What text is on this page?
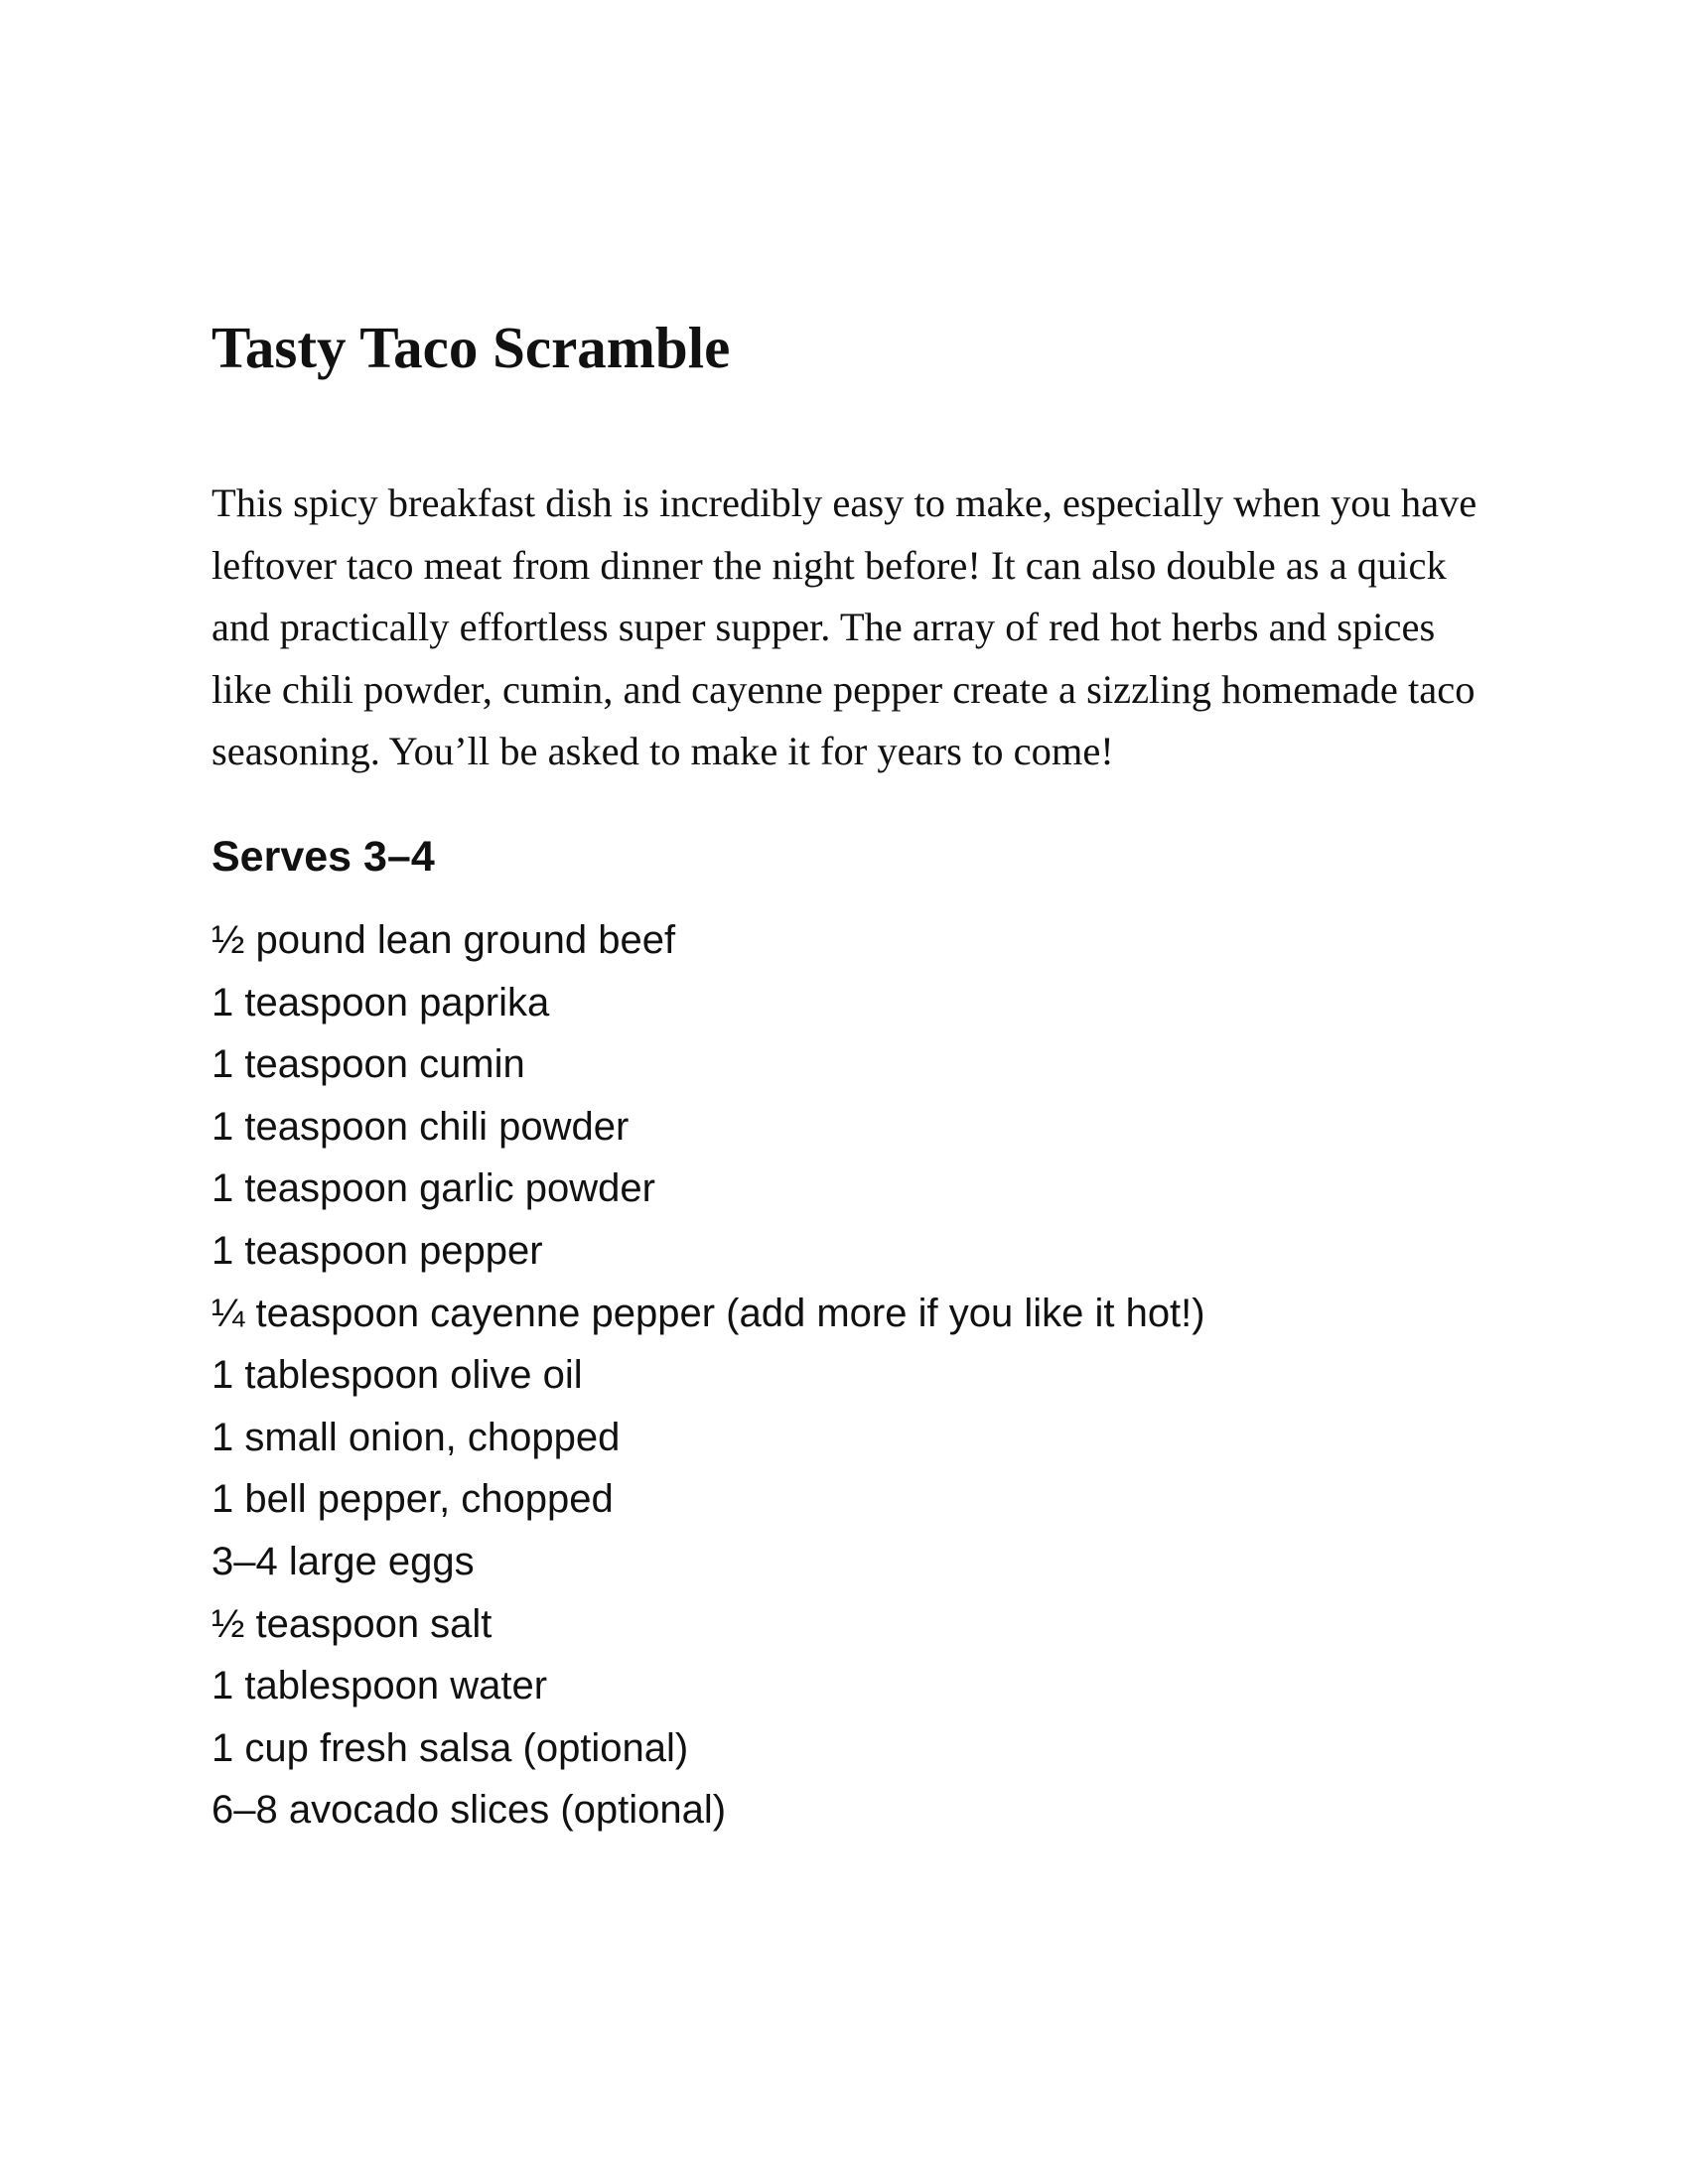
Tasty Taco Scramble

This spicy breakfast dish is incredibly easy to make, especially when you have leftover taco meat from dinner the night before! It can also double as a quick and practically effortless super supper. The array of red hot herbs and spices like chili powder, cumin, and cayenne pepper create a sizzling homemade taco seasoning. You’ll be asked to make it for years to come!

Serves 3–4
½ pound lean ground beef
1 teaspoon paprika
1 teaspoon cumin
1 teaspoon chili powder
1 teaspoon garlic powder
1 teaspoon pepper
¼ teaspoon cayenne pepper (add more if you like it hot!)
1 tablespoon olive oil
1 small onion, chopped
1 bell pepper, chopped
3–4 large eggs
½ teaspoon salt
1 tablespoon water
1 cup fresh salsa (optional)
6–8 avocado slices (optional)
